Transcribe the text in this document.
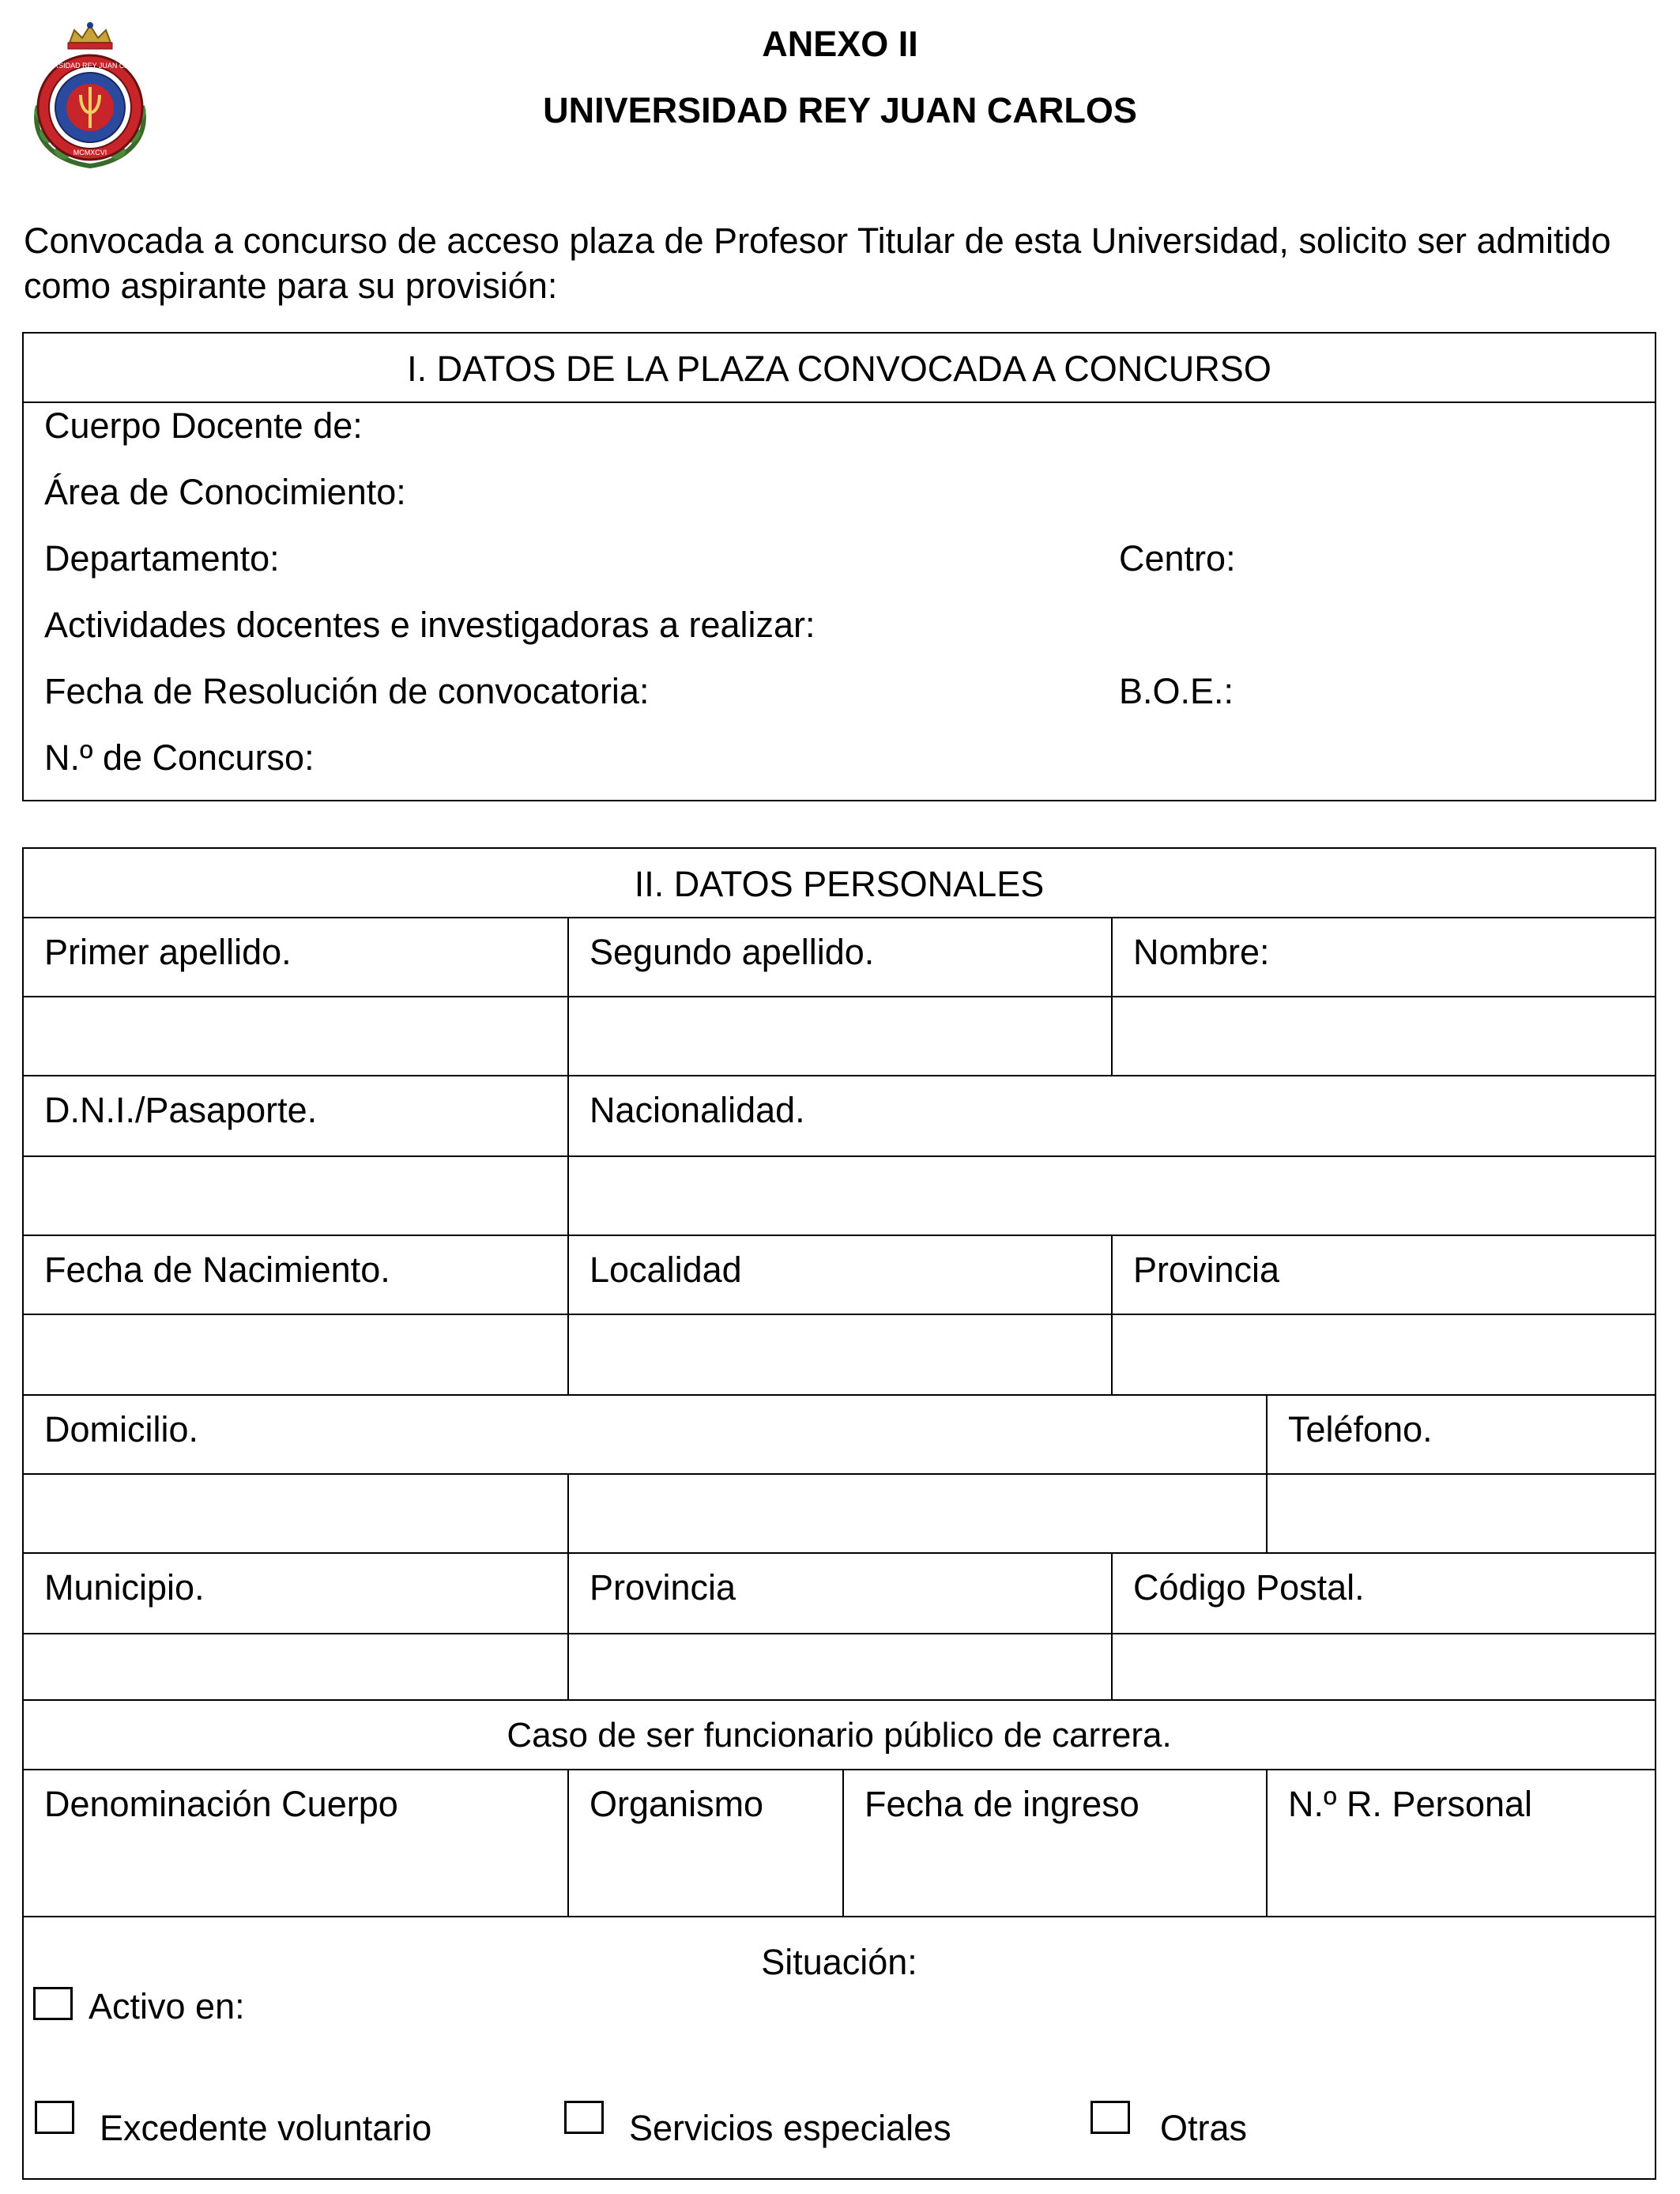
UNIVERSIDAD REY JUAN CARLOS
MCMXCVI
ANEXO II
UNIVERSIDAD REY JUAN CARLOS
Convocada a concurso de acceso plaza de Profesor Titular de esta Universidad, solicito ser admitido como aspirante para su provisión:
I. DATOS DE LA PLAZA CONVOCADA A CONCURSO
Cuerpo Docente de:
Área de Conocimiento:
Departamento:	Centro:
Actividades docentes e investigadoras a realizar:
Fecha de Resolución de convocatoria:	B.O.E.:
N.º de Concurso:
II. DATOS PERSONALES
Primer apellido.	Segundo apellido.	Nombre:
D.N.I./Pasaporte.	Nacionalidad.
Fecha de Nacimiento.	Localidad	Provincia
Domicilio.	Teléfono.
Municipio.	Provincia	Código Postal.
Caso de ser funcionario público de carrera.
Denominación Cuerpo	Organismo	Fecha de ingreso	N.º R. Personal
Situación:
Activo en:
Excedente voluntario	Servicios especiales	Otras
